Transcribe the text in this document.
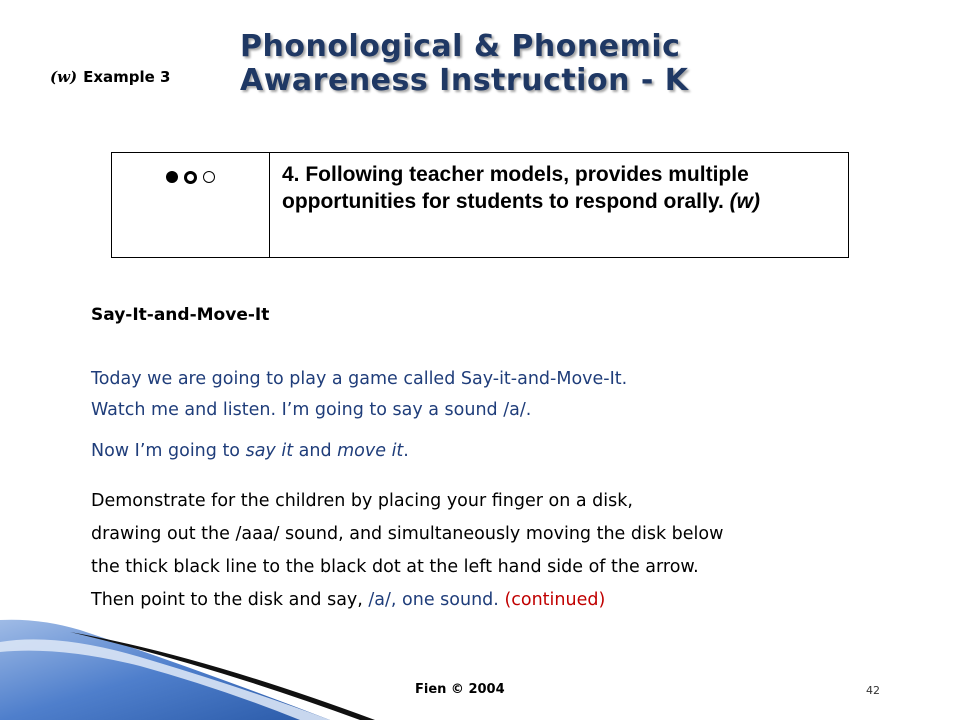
Phonological & Phonemic
Awareness Instruction - K
(w) Example 3
4. Following teacher models, provides multiple opportunities for students to respond orally. (w)
Say-It-and-Move-It
Today we are going to play a game called Say-it-and-Move-It.
Watch me and listen. I’m going to say a sound /a/.
Now I’m going to say it and move it.
Demonstrate for the children by placing your finger on a disk,
drawing out the /aaa/ sound, and simultaneously moving the disk below
the thick black line to the black dot at the left hand side of the arrow.
Then point to the disk and say, /a/, one sound. (continued)
Fien © 2004	42
